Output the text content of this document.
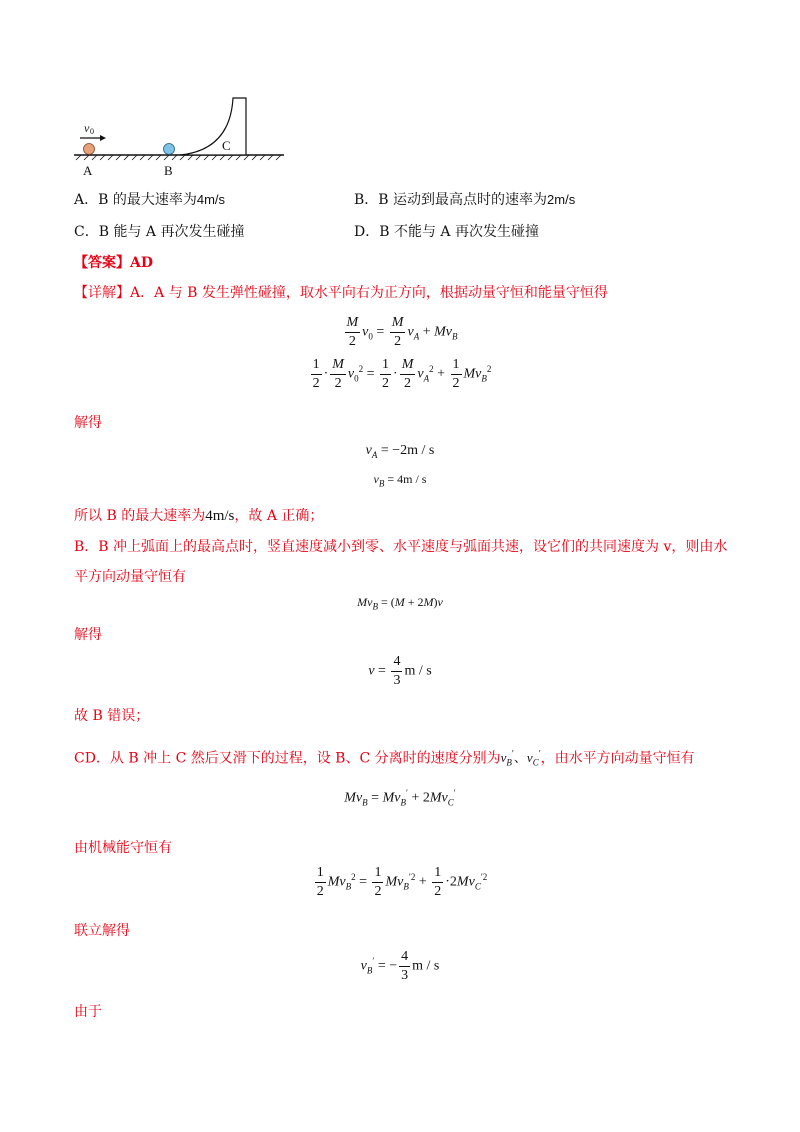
v 0
A	B
C
A．B 的最大速率为4m/s	B．B 运动到最高点时的速率为2m/s
C．B 能与 A 再次发生碰撞	D．B 不能与 A 再次发生碰撞
【答案】AD
【详解】A．A 与 B 发生弹性碰撞，取水平向右为正方向，根据动量守恒和能量守恒得
$\frac{M}{2} v_0 = \frac{M}{2} v_A + Mv_B$
$\frac{1}{2} \cdot \frac{M}{2} v_0^2 = \frac{1}{2} \cdot \frac{M}{2} v_A^2 + \frac{1}{2} Mv_B^2$
解得
$v_A = -2m / s$
$v_B = 4m / s$
所以 B 的最大速率为4m/s，故 A 正确；
B．B 冲上弧面上的最高点时，竖直速度减小到零、水平速度与弧面共速，设它们的共同速度为 v，则由水
平方向动量守恒有
$Mv_B = (M + 2M)v$
解得
$v = \frac{4}{3}$ m / s
故 B 错误；
CD．从 B 冲上 C 然后又滑下的过程，设 B、C 分离时的速度分别为$v_B'$、$v_C'$，由水平方向动量守恒有
$Mv_B = Mv_B' + 2Mv_C'$
由机械能守恒有
$\frac{1}{2} Mv_B^2 = \frac{1}{2} Mv_B^{'2} + \frac{1}{2} \cdot 2Mv_C^{'2}$
联立解得
$v_B'$ = − $\frac{4}{3}$ m / s
由于
